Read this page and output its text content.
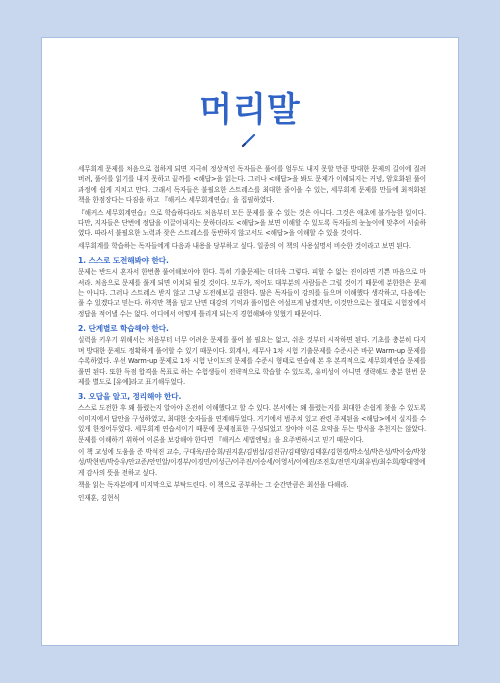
머리말

세무회계 문제를 처음으로 접하게 되면 지극히 정상적인 독자들은 풀이를 엄두도 내지 못할 만큼 방대한 문제의 길이에 질려버려, 풀이를 읽기를 내지 못하고 끝까를 <해답>을 읽는다. 그러나 <해답>을 봐도 문제가 이해되지는 커녕, 암호화된 풀이과정에 쉽게 지치고 만다. 그래서 독자들은 불필요한 스트레스를 최대한 줄이을 수 있는, 세무회계 문제를 만들에 최적화된 책을 한점장다는 다짐을 하고 『해커스 세무회계연습』을 집필하였다.

『해커스 세무회계연습』으로 학습하다라도 처음부터 모든 문제를 풀 수 있는 것은 아니다. 그것은 애초에 불가능한 일이다. 다만, 지자들은 단번에 정답을 이끌어내지는 못하더라도 <해답>을 보면 이해할 수 있도록 독자들의 눈높이에 맞추어 서술하였다. 따라서 불필요한 노력과 잦은 스트레스를 동반하지 않고서도 <해답>을 이해할 수 있을 것이다.

세무회계를 학습하는 독자들에게 다음과 내용을 당부하고 싶다. 일종의 이 책의 사용설명서 비슷한 것이라고 보면 된다.

1. 스스로 도전해봐야 한다.

문제는 반드시 혼자서 한번쯤 풀어해보아야 한다. 특히 기출문제는 더더욱 그렇다. 피할 수 없는 진이라면 기쁜 마음으로 마셔라. 처음으로 문제를 풀게 되면 이치되 될것 것이다. 모두가, 적어도 대부분의 사람들은 그럴 것이기 때문에 분한한은 문제는 아니다. 그러나 스트레스 받지 않고 그냥 도전해보길 권한다. 많은 독자들이 강의를 들으며 이해했다 생각하고, 다음에는 풀 수 있겠다고 믿는다. 하지만 책을 덮고 난면 대강의 기억과 풀이법은 어설프게 남겠지만, 이것만으로는 절대로 시험장에서 정답을 적어낼 수는 없다. 어디에서 어떻게 틀리게 되는지 경험해봐야 잊혔기 때문이다.

2. 단계별로 학습해야 한다.

실력을 키우기 위해서는 처음부터 너무 어려운 문제를 풀어 볼 필요는 없고, 쉬운 것부터 시작하면 된다. 기초를 충분히 다지며 방대한 문제도 정확하게 풀어할 수 있기 때문이다. 회계사, 세무사 1차 시험 기출문제를 수준시즌 바꾼 Warm-up 문제를 수록하였다. 우선 Warm-up 문제로 1차 시험 난이도의 문제를 수준시 형태로 연습해 본 후 본격적으로 세무회계연습 문제를 풀면 된다. 또한 득점 합격을 목표로 하는 수험생들이 전략적으로 학습할 수 있도록, 유비성이 아니면 생략해도 충분 한번 문제를 별도로 [유예]라고 표기해두었다.

3. 오답을 알고, 정리해야 한다.

스스로 도전한 후 왜 틀렸는지 알아야 온전히 이해했다고 할 수 있다. 본서에는 왜 틀렸는지를 최대한 손쉽게 찾을 수 있도록 이미지에서 답안을 구성하였고, 최대한 숫자들을 연계해두었다. 거기에서 범주치 있고 관련 주제된을 <해답>에서 실지를 수 있게 한정어두었다. 세무회계 연습서이기 때문에 문제점표한 구성되었고 장야야 이론 요약을 두는 방식을 추천지는 않았다. 문제를 이해하기 위하여 이론을 보강해야 한다면 『해커스 세법엔팅』을 요주변하시고 믿기 때문이다.

이 책 교성에 도움을 준 박석진 교수, 구대욱/권승희/권지훈/김범섭/김진규/김태양/김태훈/김현경/박소성/박은성/박이숭/박창성/박현빈/박승우/안교준/안민알/이경부/이경민/이성근/이주진/이승세/이영서/이예진/조진호/전민지/최유빈/최수희/황대영에게 감사의 뜻을 전하고 싶다.

책을 읽는 독자분에게 미지막으로 부탁드린다. 이 책으로 공부하는 그 순간만큼은 최선을 다해라.

인재훈, 김현식
